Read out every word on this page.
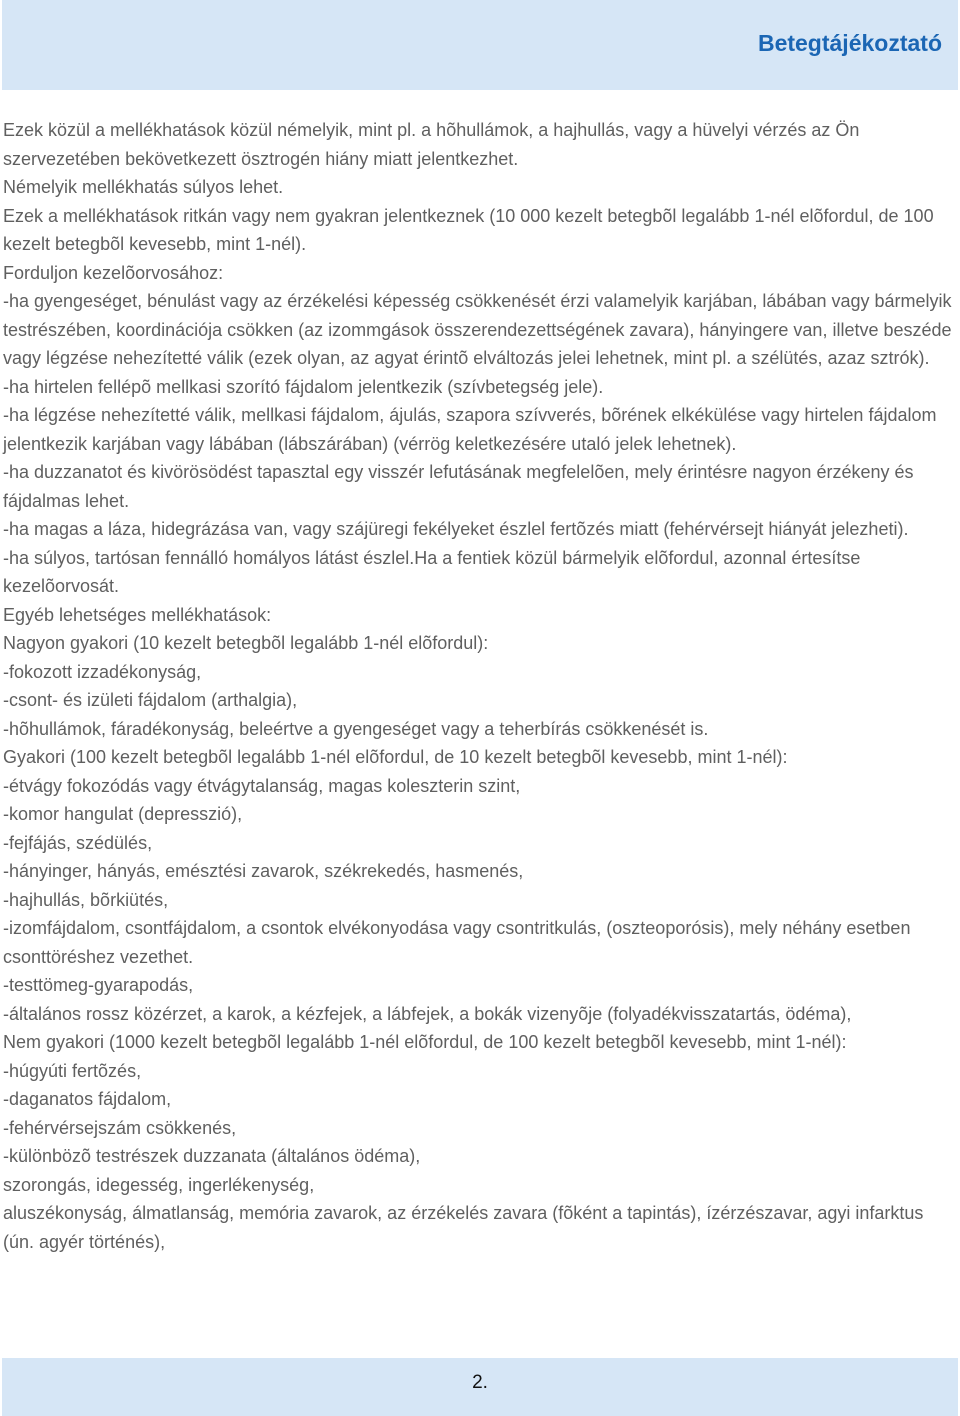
Betegtájékoztató

Ezek közül a mellékhatások közül némelyik, mint pl. a hõhullámok, a hajhullás, vagy a hüvelyi vérzés az Ön szervezetében bekövetkezett ösztrogén hiány miatt jelentkezhet.

Némelyik mellékhatás súlyos lehet.

Ezek a mellékhatások ritkán vagy nem gyakran jelentkeznek (10 000 kezelt betegbõl legalább 1-nél elõfordul, de 100 kezelt betegbõl kevesebb, mint 1-nél).

Forduljon kezelõorvosához:

-ha gyengeséget, bénulást vagy az érzékelési képesség csökkenését érzi valamelyik karjában, lábában vagy bármelyik testrészében, koordinációja csökken (az izommgások összerendezettségének zavara), hányingere van, illetve beszéde vagy légzése nehezítetté válik (ezek olyan, az agyat érintõ elváltozás jelei lehetnek, mint pl. a szélütés, azaz sztrók).

-ha hirtelen fellépõ mellkasi szorító fájdalom jelentkezik (szívbetegség jele).

-ha légzése nehezítetté válik, mellkasi fájdalom, ájulás, szapora szívverés, bõrének elkékülése vagy hirtelen fájdalom jelentkezik karjában vagy lábában (lábszárában) (vérrög keletkezésére utaló jelek lehetnek).

-ha duzzanatot és kivörösödést tapasztal egy visszér lefutásának megfelelõen, mely érintésre nagyon érzékeny és fájdalmas lehet.

-ha magas a láza, hidegrázása van, vagy szájüregi fekélyeket észlel fertõzés miatt (fehérvérsejt hiányát jelezheti).

-ha súlyos, tartósan fennálló homályos látást észlel.Ha a fentiek közül bármelyik elõfordul, azonnal értesítse kezelõorvosát.

Egyéb lehetséges mellékhatások:

Nagyon gyakori (10 kezelt betegbõl legalább 1-nél elõfordul):

-fokozott izzadékonyság,

-csont- és izületi fájdalom (arthalgia),

-hõhullámok, fáradékonyság, beleértve a gyengeséget vagy a teherbírás csökkenését is.

Gyakori (100 kezelt betegbõl legalább 1-nél elõfordul, de 10 kezelt betegbõl kevesebb, mint 1-nél):

-étvágy fokozódás vagy étvágytalanság, magas koleszterin szint,

-komor hangulat (depresszió),

-fejfájás, szédülés,

-hányinger, hányás, emésztési zavarok, székrekedés, hasmenés,

-hajhullás, bõrkiütés,

-izomfájdalom, csontfájdalom, a csontok elvékonyodása vagy csontritkulás, (oszteoporósis), mely néhány esetben csonttöréshez vezethet.

-testtömeg-gyarapodás,

-általános rossz közérzet, a karok, a kézfejek, a lábfejek, a bokák vizenyõje (folyadékvisszatartás, ödéma),

Nem gyakori (1000 kezelt betegbõl legalább 1-nél elõfordul, de 100 kezelt betegbõl kevesebb, mint 1-nél):

-húgyúti fertõzés,

-daganatos fájdalom,

-fehérvérsejszám csökkenés,

-különbözõ testrészek duzzanata (általános ödéma),

szorongás, idegesség, ingerlékenység,

aluszékonyság, álmatlanság, memória zavarok, az érzékelés zavara (fõként a tapintás), ízérzészavar, agyi infarktus (ún. agyér történés),

2.
